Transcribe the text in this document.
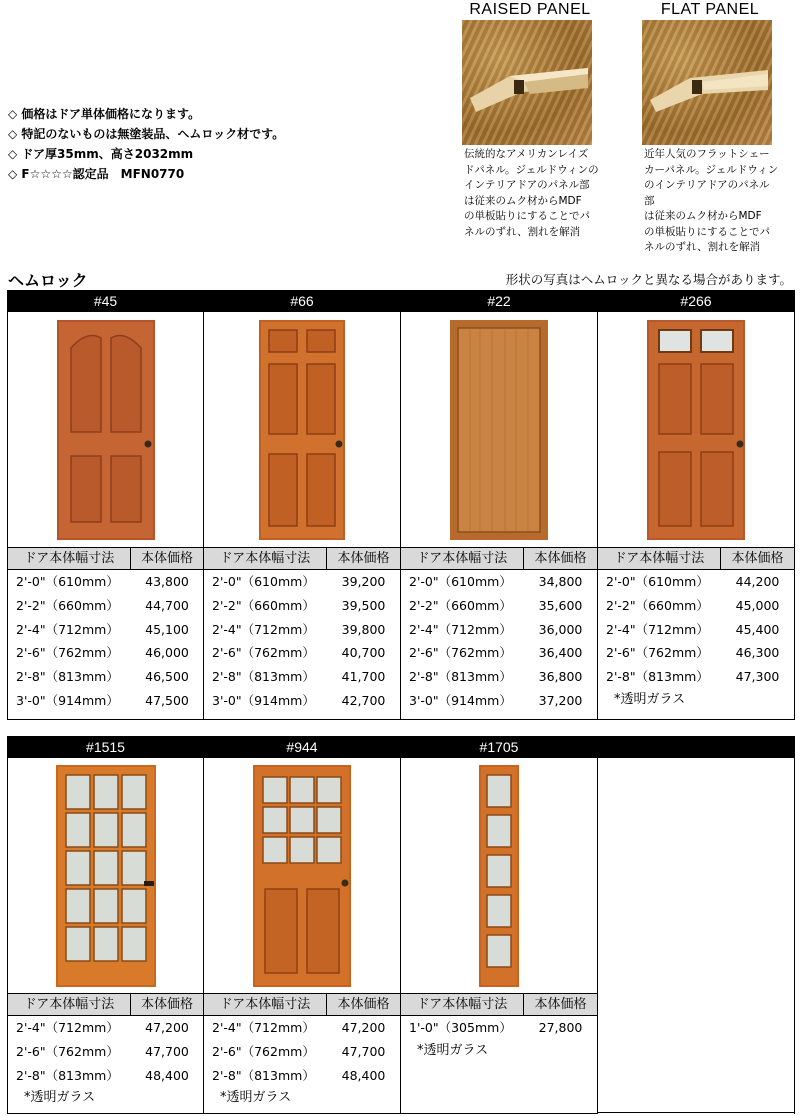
◇ 価格はドア単体価格になります。
◇ 特記のないものは無塗装品、ヘムロック材です。
◇ ドア厚35mm、高さ2032mm
◇ F☆☆☆☆認定品　MFN0770
RAISED PANEL
伝統的なアメリカンレイズ
ドパネル。ジェルドウィンの
インテリアドアのパネル部
は従来のムク材からMDF
の単板貼りにすることでパ
ネルのずれ、割れを解消
FLAT PANEL
近年人気のフラットシェー
カーパネル。ジェルドウィン
のインテリアドアのパネル部
は従来のムク材からMDF
の単板貼りにすることでパ
ネルのずれ、割れを解消
ヘムロック	形状の写真はヘムロックと異なる場合があります。
#45
ドア本体幅寸法	本体価格
2'-0"（610mm）	43,800
2'-2"（660mm）	44,700
2'-4"（712mm）	45,100
2'-6"（762mm）	46,000
2'-8"（813mm）	46,500
3'-0"（914mm）	47,500
#66
ドア本体幅寸法	本体価格
2'-0"（610mm）	39,200
2'-2"（660mm）	39,500
2'-4"（712mm）	39,800
2'-6"（762mm）	40,700
2'-8"（813mm）	41,700
3'-0"（914mm）	42,700
#22
ドア本体幅寸法	本体価格
2'-0"（610mm）	34,800
2'-2"（660mm）	35,600
2'-4"（712mm）	36,000
2'-6"（762mm）	36,400
2'-8"（813mm）	36,800
3'-0"（914mm）	37,200
#266
ドア本体幅寸法	本体価格
2'-0"（610mm）	44,200
2'-2"（660mm）	45,000
2'-4"（712mm）	45,400
2'-6"（762mm）	46,300
2'-8"（813mm）	47,300
*透明ガラス
#1515
ドア本体幅寸法	本体価格
2'-4"（712mm）	47,200
2'-6"（762mm）	47,700
2'-8"（813mm）	48,400
*透明ガラス
#944
ドア本体幅寸法	本体価格
2'-4"（712mm）	47,200
2'-6"（762mm）	47,700
2'-8"（813mm）	48,400
*透明ガラス
#1705
ドア本体幅寸法	本体価格
1'-0"（305mm）	27,800
*透明ガラス
